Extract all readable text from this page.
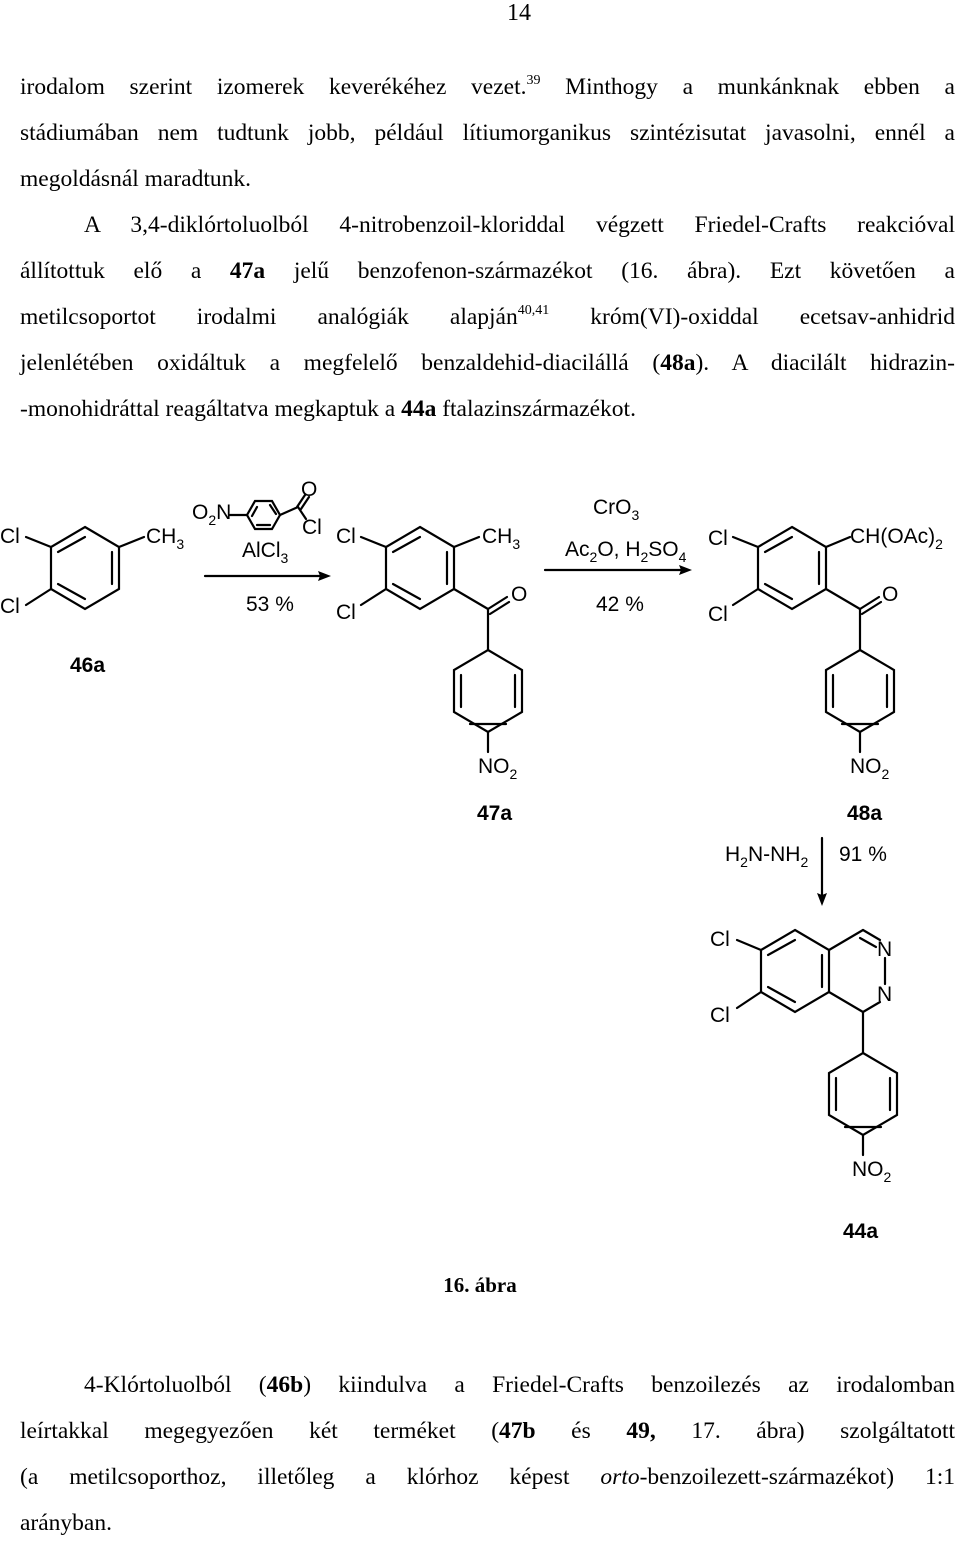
14
irodalom szerint izomerek keverékéhez vezet.$^{39}$ Minthogy a munkánknak ebben a
stádiumában nem tudtunk jobb, például lítiumorganikus szintézisutat javasolni, ennél a
megoldásnál maradtunk.
A 3,4-diklórtoluolból 4-nitrobenzoil-kloriddal végzett Friedel-Crafts reakcióval
állítottuk elő a 47a jelű benzofenon-származékot (16. ábra). Ezt követően a
metilcsoportot irodalmi analógiák alapján$^{40,41}$ króm(VI)-oxiddal ecetsav-anhidrid
jelenlétében oxidáltuk a megfelelő benzaldehid-diacilállá (48a). A diacilált hidrazin-
-monohidráttal reagáltatva megkaptuk a 44a ftalazinszármazékot.
Cl
Cl
$CH_3$
46a
$O_2N$
O
Cl
AlCl$_3$
53 %
Cl
Cl
$CH_3$
O
$NO_2$
47a
CrO$_3$
$Ac_2O$, $H_2SO_4$
42 %
Cl
Cl
$CH(OAc)_2$
O
$NO_2$
48a
$H_2N-NH_2$ 91 %
Cl
Cl
N
N
$NO_2$
44a
16. ábra
4-Klórtoluolból (46b) kiindulva a Friedel-Crafts benzoilezés az irodalomban
leírtakkal megegyezően két terméket (47b és 49, 17. ábra) szolgáltatott
(a metilcsoporthoz, illetőleg a klórhoz képest orto-benzoilezett-származékot) 1:1
arányban.
